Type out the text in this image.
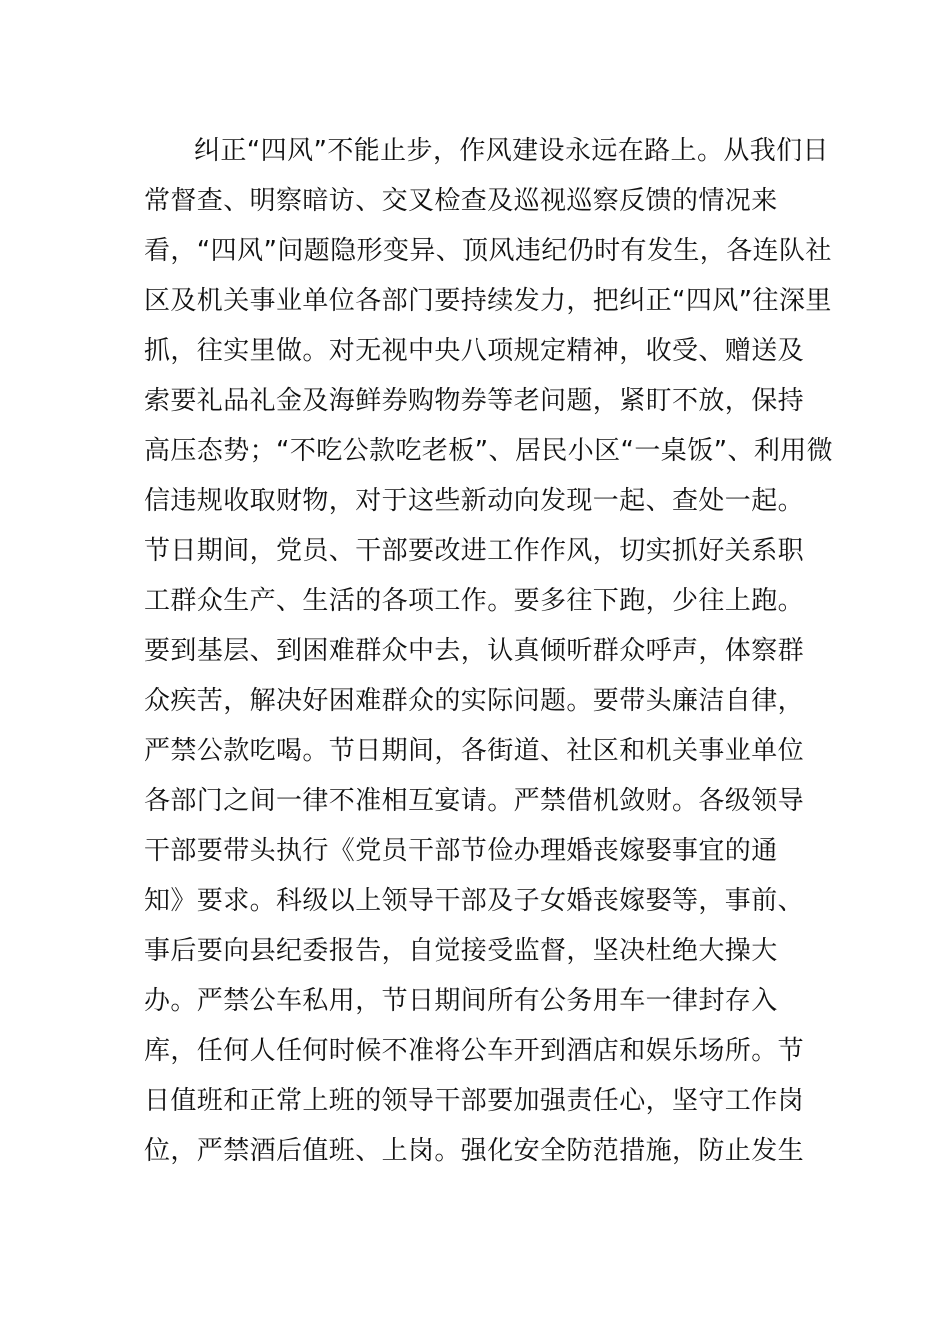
纠正“四风”不能止步，作风建设永远在路上。从我们日
常督查、明察暗访、交叉检查及巡视巡察反馈的情况来
看，“四风”问题隐形变异、顶风违纪仍时有发生，各连队社
区及机关事业单位各部门要持续发力，把纠正“四风”往深里
抓，往实里做。对无视中央八项规定精神，收受、赠送及
索要礼品礼金及海鲜券购物券等老问题，紧盯不放，保持
高压态势；“不吃公款吃老板”、居民小区“一桌饭”、利用微
信违规收取财物，对于这些新动向发现一起、查处一起。
节日期间，党员、干部要改进工作作风，切实抓好关系职
工群众生产、生活的各项工作。要多往下跑，少往上跑。
要到基层、到困难群众中去，认真倾听群众呼声，体察群
众疾苦，解决好困难群众的实际问题。要带头廉洁自律，
严禁公款吃喝。节日期间，各街道、社区和机关事业单位
各部门之间一律不准相互宴请。严禁借机敛财。各级领导
干部要带头执行《党员干部节俭办理婚丧嫁娶事宜的通
知》要求。科级以上领导干部及子女婚丧嫁娶等，事前、
事后要向县纪委报告，自觉接受监督，坚决杜绝大操大
办。严禁公车私用，节日期间所有公务用车一律封存入
库，任何人任何时候不准将公车开到酒店和娱乐场所。节
日值班和正常上班的领导干部要加强责任心，坚守工作岗
位，严禁酒后值班、上岗。强化安全防范措施，防止发生
